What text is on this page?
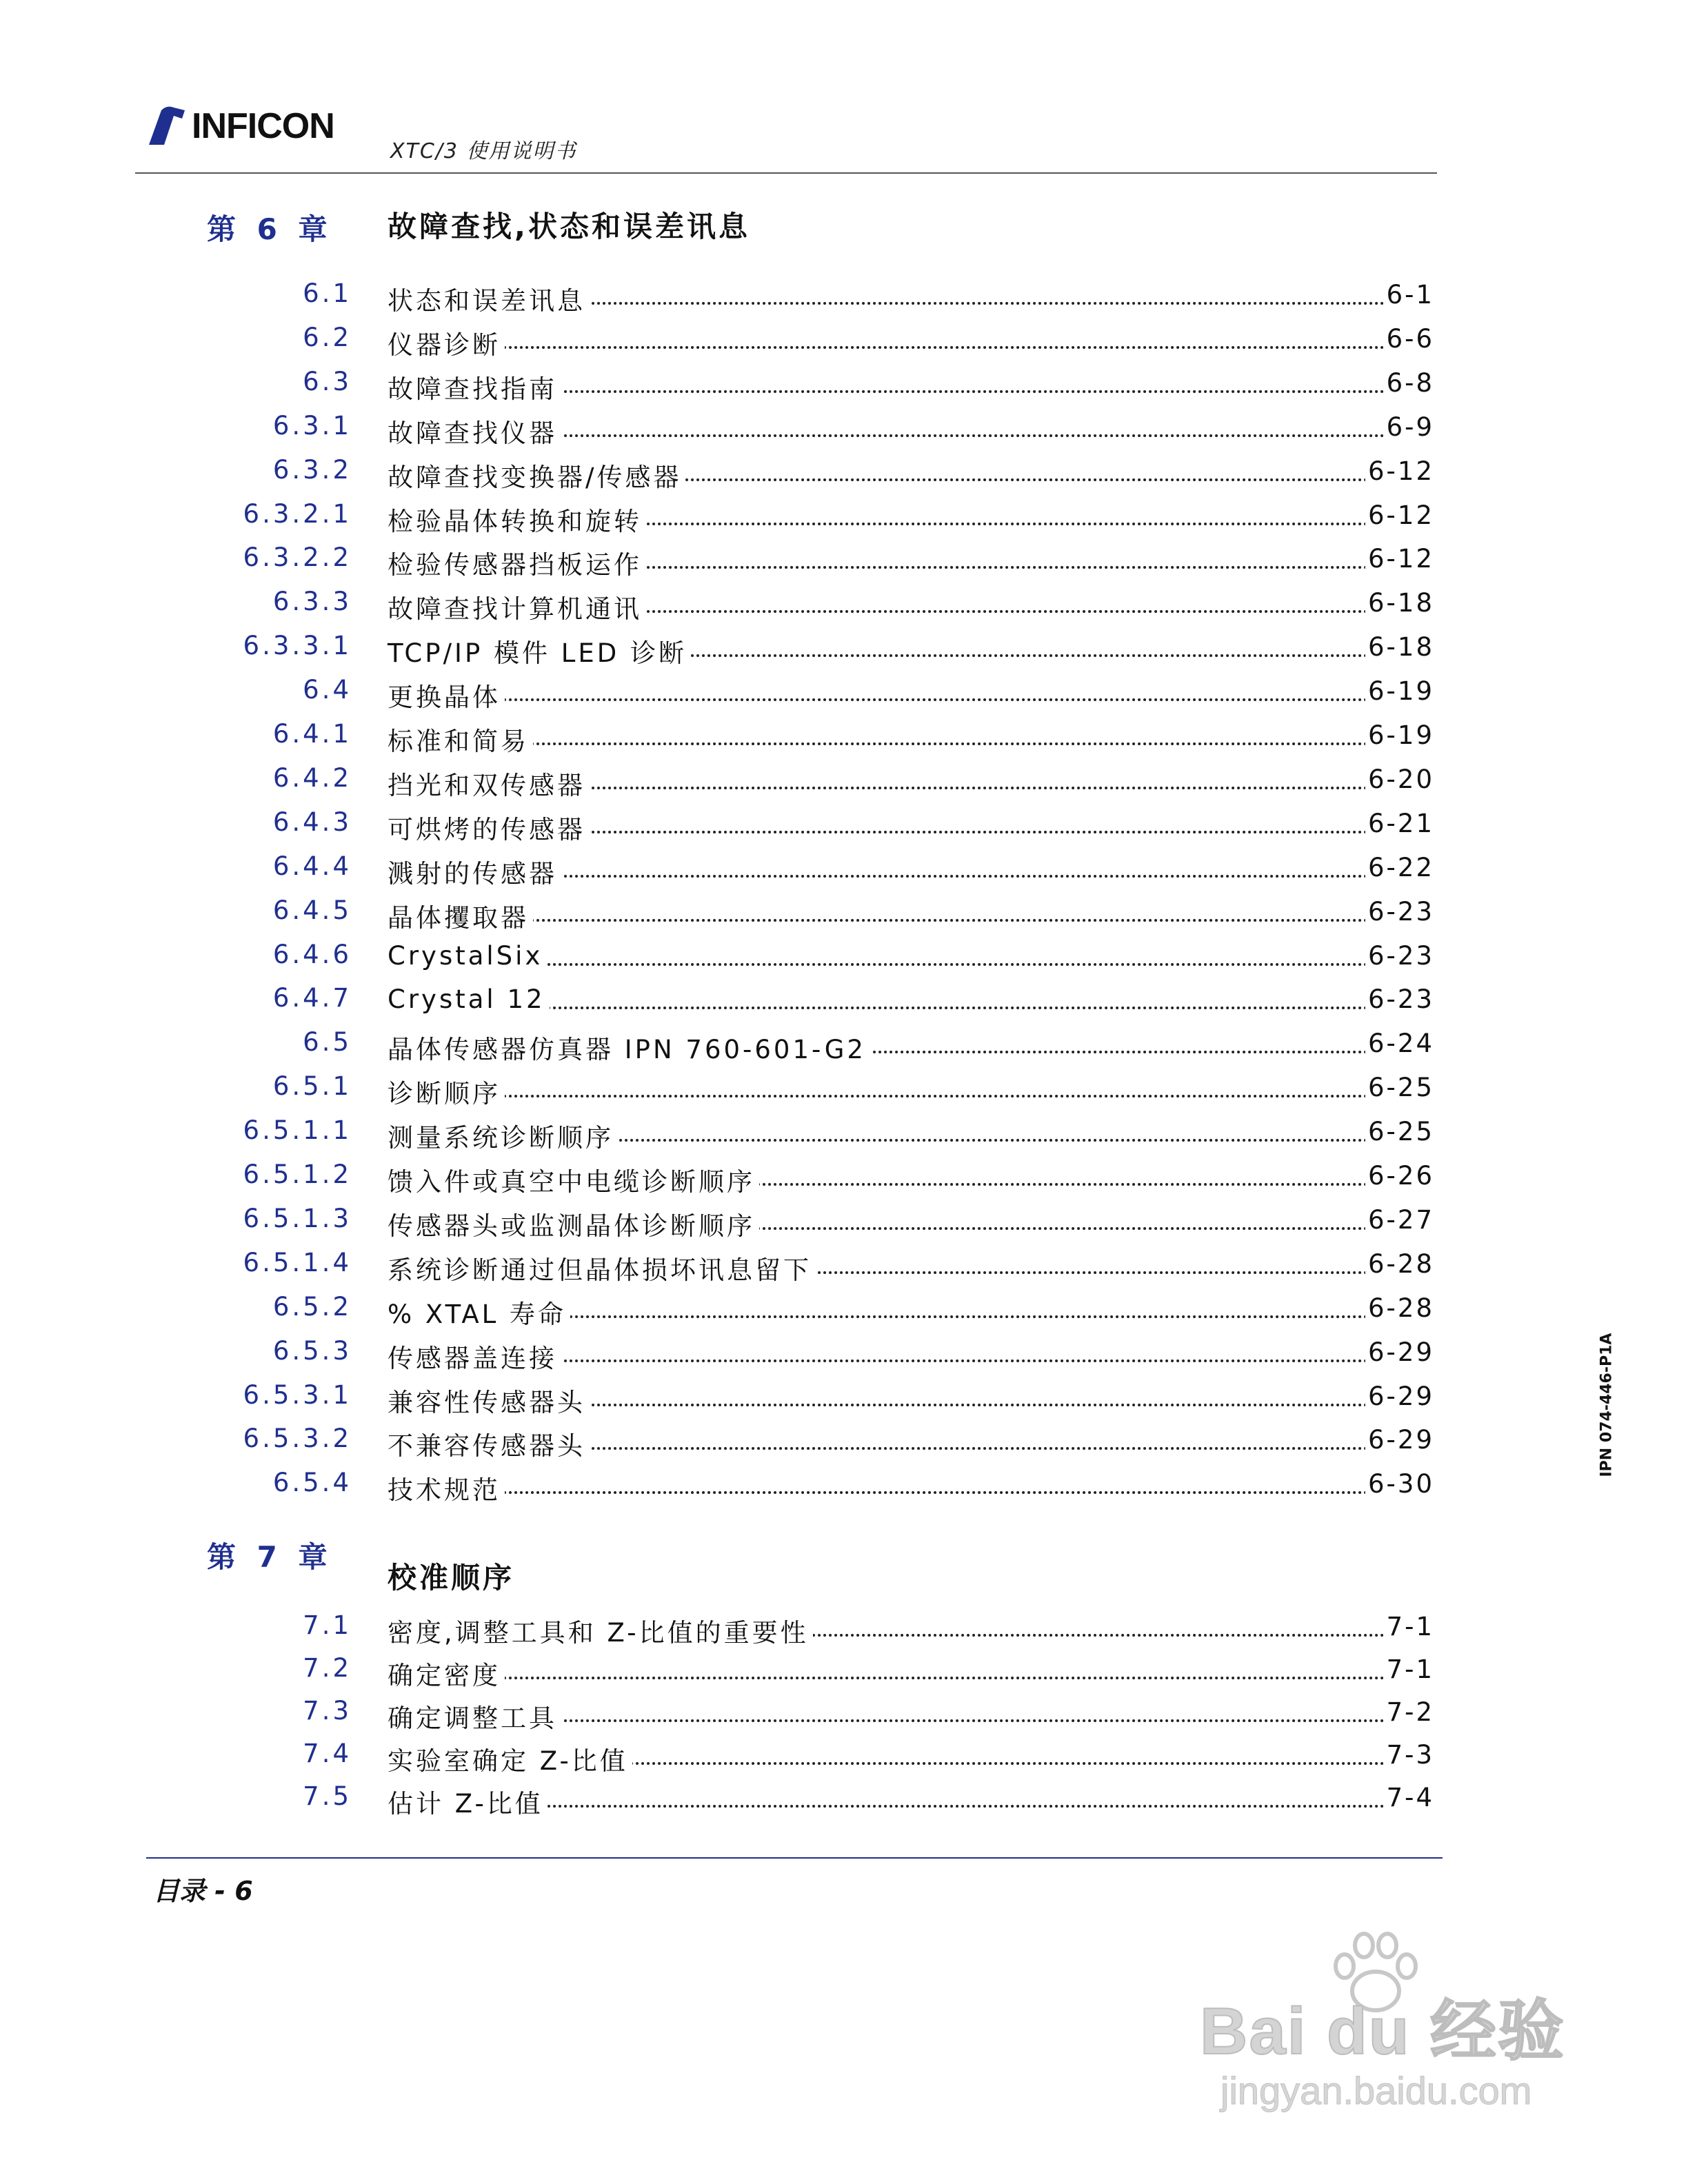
INFICON
XTC/3 使用说明书
第 6 章 故障查找,状态和误差讯息
6.1 状态和误差讯息	6-1
6.2 仪器诊断	6-6
6.3 故障查找指南	6-8
6.3.1 故障查找仪器	6-9
6.3.2 故障查找变换器/传感器	6-12
6.3.2.1 检验晶体转换和旋转	6-12
6.3.2.2 检验传感器挡板运作	6-12
6.3.3 故障查找计算机通讯	6-18
6.3.3.1 TCP/IP 模件 LED 诊断	6-18
6.4 更换晶体	6-19
6.4.1 标准和简易	6-19
6.4.2 挡光和双传感器	6-20
6.4.3 可烘烤的传感器	6-21
6.4.4 溅射的传感器	6-22
6.4.5 晶体攫取器	6-23
6.4.6 CrystalSix	6-23
6.4.7 Crystal 12	6-23
6.5 晶体传感器仿真器 IPN 760-601-G2	6-24
6.5.1 诊断顺序	6-25
6.5.1.1 测量系统诊断顺序	6-25
6.5.1.2 馈入件或真空中电缆诊断顺序	6-26
6.5.1.3 传感器头或监测晶体诊断顺序	6-27
6.5.1.4 系统诊断通过但晶体损坏讯息留下	6-28
6.5.2 % XTAL 寿命	6-28
6.5.3 传感器盖连接	6-29
6.5.3.1 兼容性传感器头	6-29
6.5.3.2 不兼容传感器头	6-29
6.5.4 技术规范	6-30
第 7 章
校准顺序
7.1 密度,调整工具和 Z-比值的重要性	7-1
7.2 确定密度	7-1
7.3 确定调整工具	7-2
7.4 实验室确定 Z-比值	7-3
7.5 估计 Z-比值	7-4
目录 - 6
IPN 074-446-P1A
Bai du 经验
jingyan.baidu.com
